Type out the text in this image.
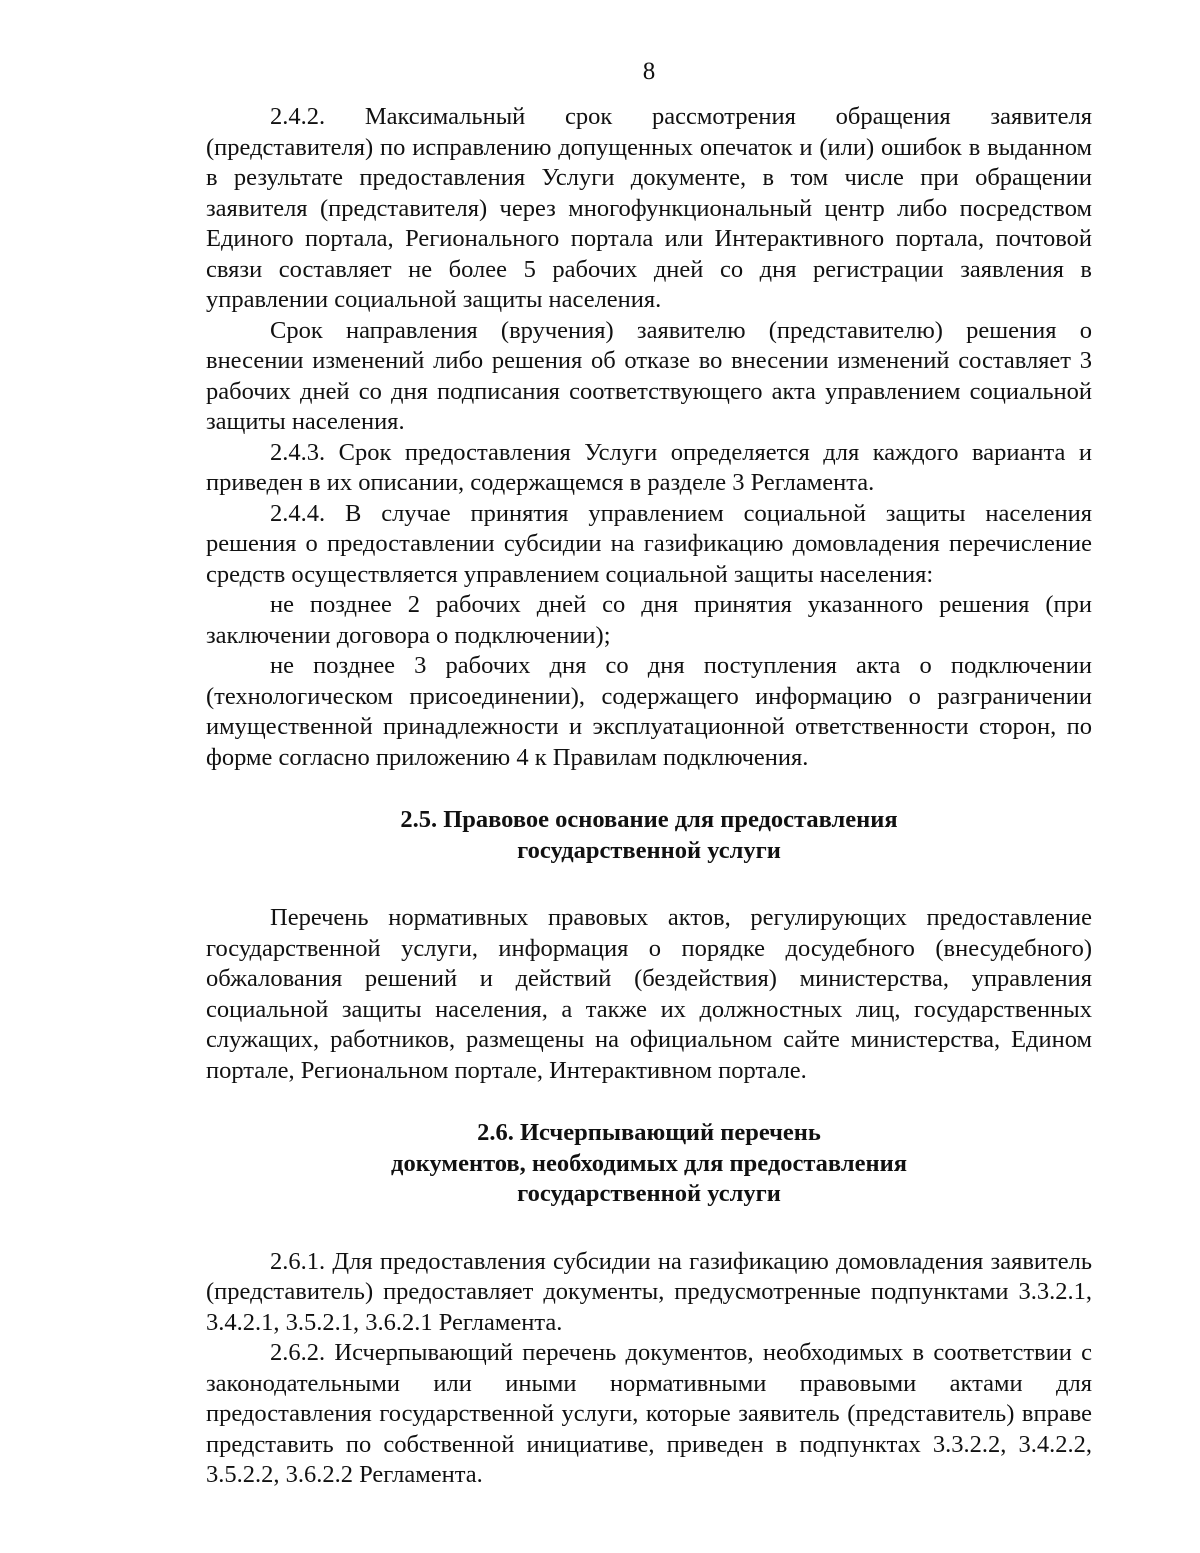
8

2.4.2. Максимальный срок рассмотрения обращения заявителя (представителя) по исправлению допущенных опечаток и (или) ошибок в выданном в результате предоставления Услуги документе, в том числе при обращении заявителя (представителя) через многофункциональный центр либо посредством Единого портала, Регионального портала или Интерактивного портала, почтовой связи составляет не более 5 рабочих дней со дня регистрации заявления в управлении социальной защиты населения.

Срок направления (вручения) заявителю (представителю) решения о внесении изменений либо решения об отказе во внесении изменений составляет 3 рабочих дней со дня подписания соответствующего акта управлением социальной защиты населения.

2.4.3. Срок предоставления Услуги определяется для каждого варианта и приведен в их описании, содержащемся в разделе 3 Регламента.

2.4.4. В случае принятия управлением социальной защиты населения решения о предоставлении субсидии на газификацию домовладения перечисление средств осуществляется управлением социальной защиты населения:

не позднее 2 рабочих дней со дня принятия указанного решения (при заключении договора о подключении);

не позднее 3 рабочих дня со дня поступления акта о подключении (технологическом присоединении), содержащего информацию о разграничении имущественной принадлежности и эксплуатационной ответственности сторон, по форме согласно приложению 4 к Правилам подключения.

2.5. Правовое основание для предоставления
государственной услуги

Перечень нормативных правовых актов, регулирующих предоставление государственной услуги, информация о порядке досудебного (внесудебного) обжалования решений и действий (бездействия) министерства, управления социальной защиты населения, а также их должностных лиц, государственных служащих, работников, размещены на официальном сайте министерства, Едином портале, Региональном портале, Интерактивном портале.

2.6. Исчерпывающий перечень
документов, необходимых для предоставления
государственной услуги

2.6.1. Для предоставления субсидии на газификацию домовладения заявитель (представитель) предоставляет документы, предусмотренные подпунктами 3.3.2.1, 3.4.2.1, 3.5.2.1, 3.6.2.1 Регламента.

2.6.2. Исчерпывающий перечень документов, необходимых в соответствии с законодательными или иными нормативными правовыми актами для предоставления государственной услуги, которые заявитель (представитель) вправе представить по собственной инициативе, приведен в подпунктах 3.3.2.2, 3.4.2.2, 3.5.2.2, 3.6.2.2 Регламента.
